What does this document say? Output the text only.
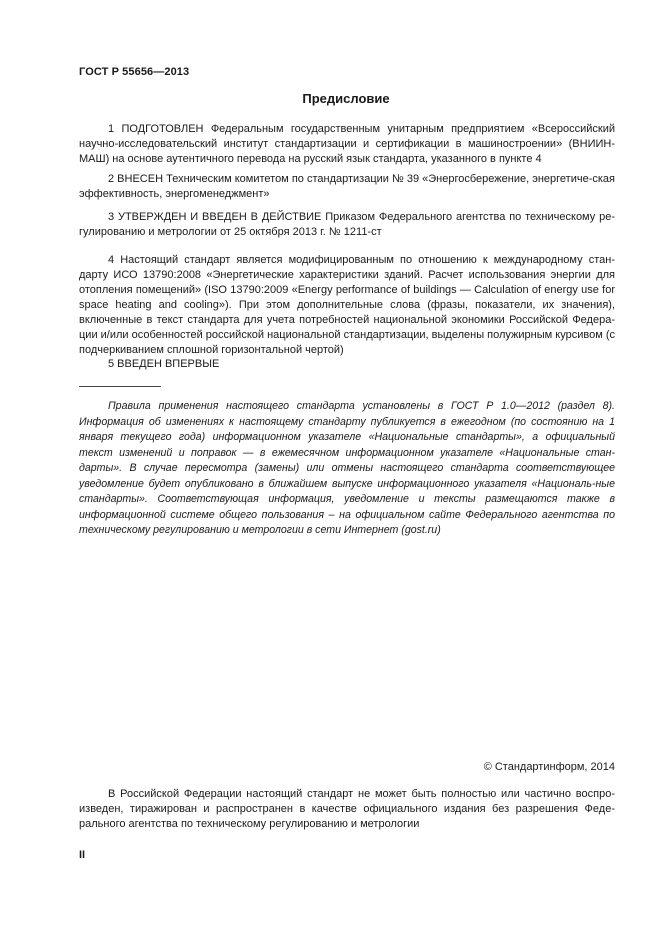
ГОСТ Р 55656—2013
Предисловие

1 ПОДГОТОВЛЕН Федеральным государственным унитарным предприятием «Всероссийский научно-исследовательский институт стандартизации и сертификации в машиностроении» (ВНИИН-МАШ) на основе аутентичного перевода на русский язык стандарта, указанного в пункте 4

2 ВНЕСЕН Техническим комитетом по стандартизации № 39 «Энергосбережение, энергетиче-ская эффективность, энергоменеджмент»

3 УТВЕРЖДЕН И ВВЕДЕН В ДЕЙСТВИЕ Приказом Федерального агентства по техническому ре-гулированию и метрологии от 25 октября 2013 г. № 1211-ст

4 Настоящий стандарт является модифицированным по отношению к международному стан-дарту ИСО 13790:2008 «Энергетические характеристики зданий. Расчет использования энергии для отопления помещений» (ISO 13790:2009 «Energy performance of buildings — Calculation of energy use for space heating and cooling»). При этом дополнительные слова (фразы, показатели, их значения), включенные в текст стандарта для учета потребностей национальной экономики Российской Федера-ции и/или особенностей российской национальной стандартизации, выделены полужирным курсивом (с подчеркиванием сплошной горизонтальной чертой)

5 ВВЕДЕН ВПЕРВЫЕ

Правила применения настоящего стандарта установлены в ГОСТ Р 1.0—2012 (раздел 8). Информация об изменениях к настоящему стандарту публикуется в ежегодном (по состоянию на 1 января текущего года) информационном указателе «Национальные стандарты», а официальный текст изменений и поправок — в ежемесячном информационном указателе «Национальные стан-дарты». В случае пересмотра (замены) или отмены настоящего стандарта соответствующее уведомление будет опубликовано в ближайшем выпуске информационного указателя «Националь-ные стандарты». Соответствующая информация, уведомление и тексты размещаются также в информационной системе общего пользования – на официальном сайте Федерального агентства по техническому регулированию и метрологии в сети Интернет (gost.ru)

© Стандартинформ, 2014

В Российской Федерации настоящий стандарт не может быть полностью или частично воспро-изведен, тиражирован и распространен в качестве официального издания без разрешения Феде-рального агентства по техническому регулированию и метрологии

II
